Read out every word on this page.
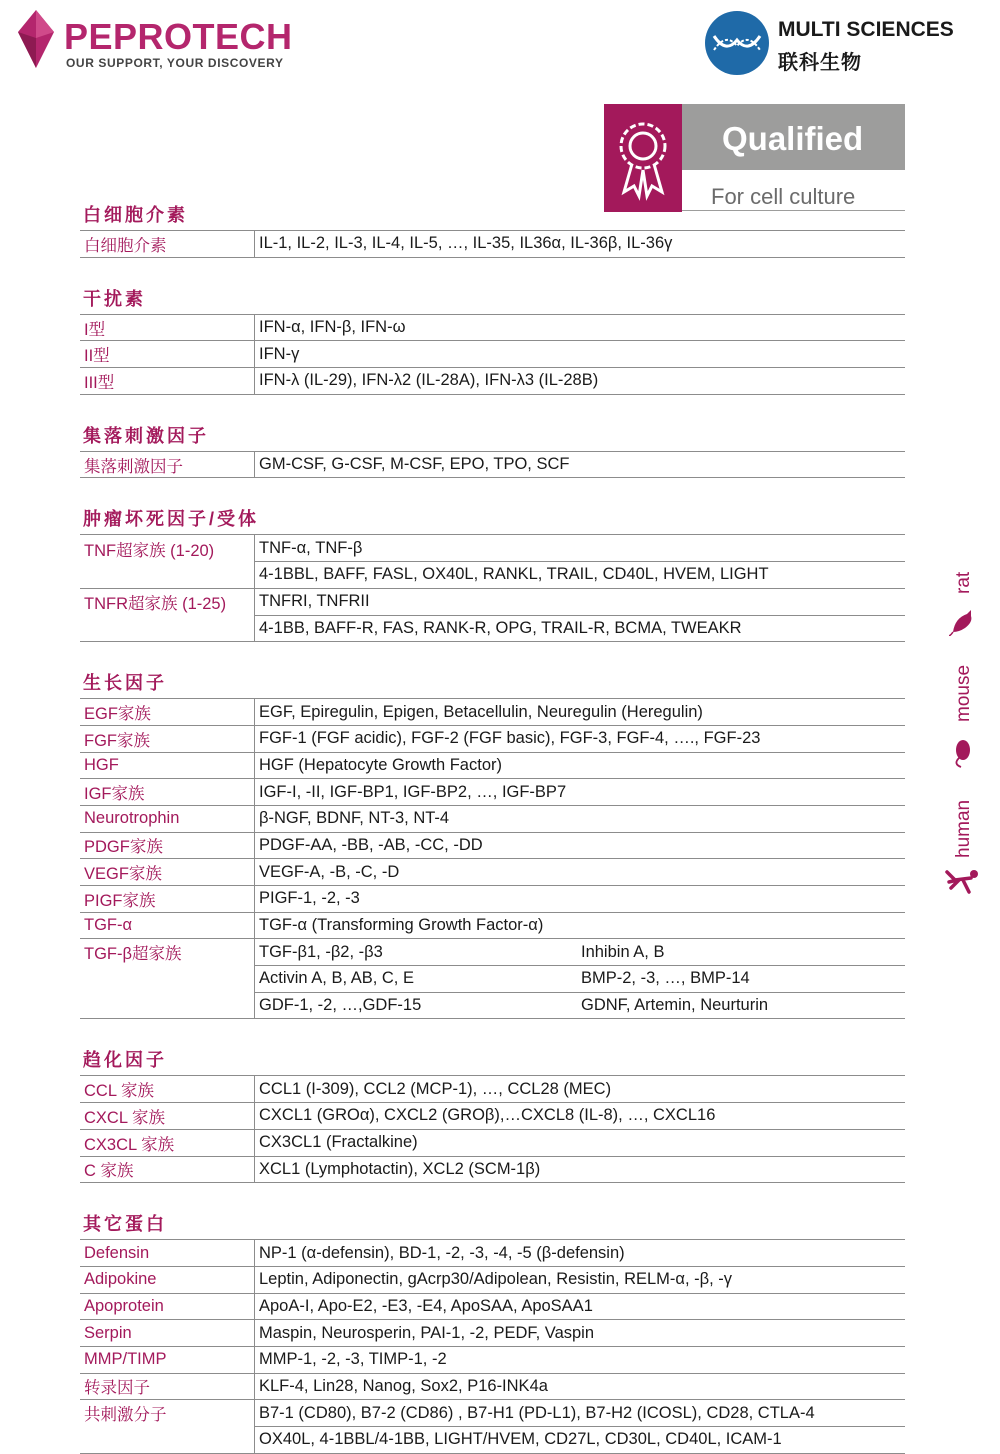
PEPROTECH
OUR SUPPORT, YOUR DISCOVERY
MULTI SCIENCES
联科生物
Qualified
For cell culture
白细胞介素
白细胞介素	IL-1, IL-2, IL-3, IL-4, IL-5, …, IL-35, IL36α, IL-36β, IL-36γ
干扰素
I型	IFN-α, IFN-β, IFN-ω
II型	IFN-γ
III型	IFN-λ (IL-29), IFN-λ2 (IL-28A), IFN-λ3 (IL-28B)
集落刺激因子
集落刺激因子	GM-CSF, G-CSF, M-CSF, EPO, TPO, SCF
肿瘤坏死因子/受体
TNF超家族 (1-20)	TNF-α, TNF-β
	4-1BBL, BAFF, FASL, OX40L, RANKL, TRAIL, CD40L, HVEM, LIGHT
TNFR超家族 (1-25)	TNFRI, TNFRII
	4-1BB, BAFF-R, FAS, RANK-R, OPG, TRAIL-R, BCMA, TWEAKR
生长因子
EGF家族	EGF, Epiregulin, Epigen, Betacellulin, Neuregulin (Heregulin)	
FGF家族	FGF-1 (FGF acidic), FGF-2 (FGF basic), FGF-3, FGF-4, …., FGF-23	
HGF	HGF (Hepatocyte Growth Factor)	
IGF家族	IGF-I, -II, IGF-BP1, IGF-BP2, …, IGF-BP7	
Neurotrophin	β-NGF, BDNF, NT-3, NT-4	
PDGF家族	PDGF-AA, -BB, -AB, -CC, -DD	
VEGF家族	VEGF-A, -B, -C, -D	
PIGF家族	PIGF-1, -2, -3	
TGF-α	TGF-α (Transforming Growth Factor-α)	
TGF-β超家族	TGF-β1, -β2, -β3	Inhibin A, B
	Activin A, B, AB, C, E	BMP-2, -3, …, BMP-14
	GDF-1, -2, …,GDF-15	GDNF, Artemin, Neurturin
趋化因子
CCL 家族	CCL1 (I-309), CCL2 (MCP-1), …, CCL28 (MEC)
CXCL 家族	CXCL1 (GROα), CXCL2 (GROβ),…CXCL8 (IL-8), …, CXCL16
CX3CL 家族	CX3CL1 (Fractalkine)
C 家族	XCL1 (Lymphotactin), XCL2 (SCM-1β)
其它蛋白
Defensin	NP-1 (α-defensin), BD-1, -2, -3, -4, -5 (β-defensin)
Adipokine	Leptin, Adiponectin, gAcrp30/Adipolean, Resistin, RELM-α, -β, -γ
Apoprotein	ApoA-I, Apo-E2, -E3, -E4, ApoSAA, ApoSAA1
Serpin	Maspin, Neurosperin, PAI-1, -2, PEDF, Vaspin
MMP/TIMP	MMP-1, -2, -3, TIMP-1, -2
转录因子	KLF-4, Lin28, Nanog, Sox2, P16-INK4a
共刺激分子	B7-1 (CD80), B7-2 (CD86) , B7-H1 (PD-L1), B7-H2 (ICOSL), CD28, CTLA-4
	OX40L, 4-1BBL/4-1BB, LIGHT/HVEM, CD27L, CD30L, CD40L, ICAM-1
rat
mouse
human
